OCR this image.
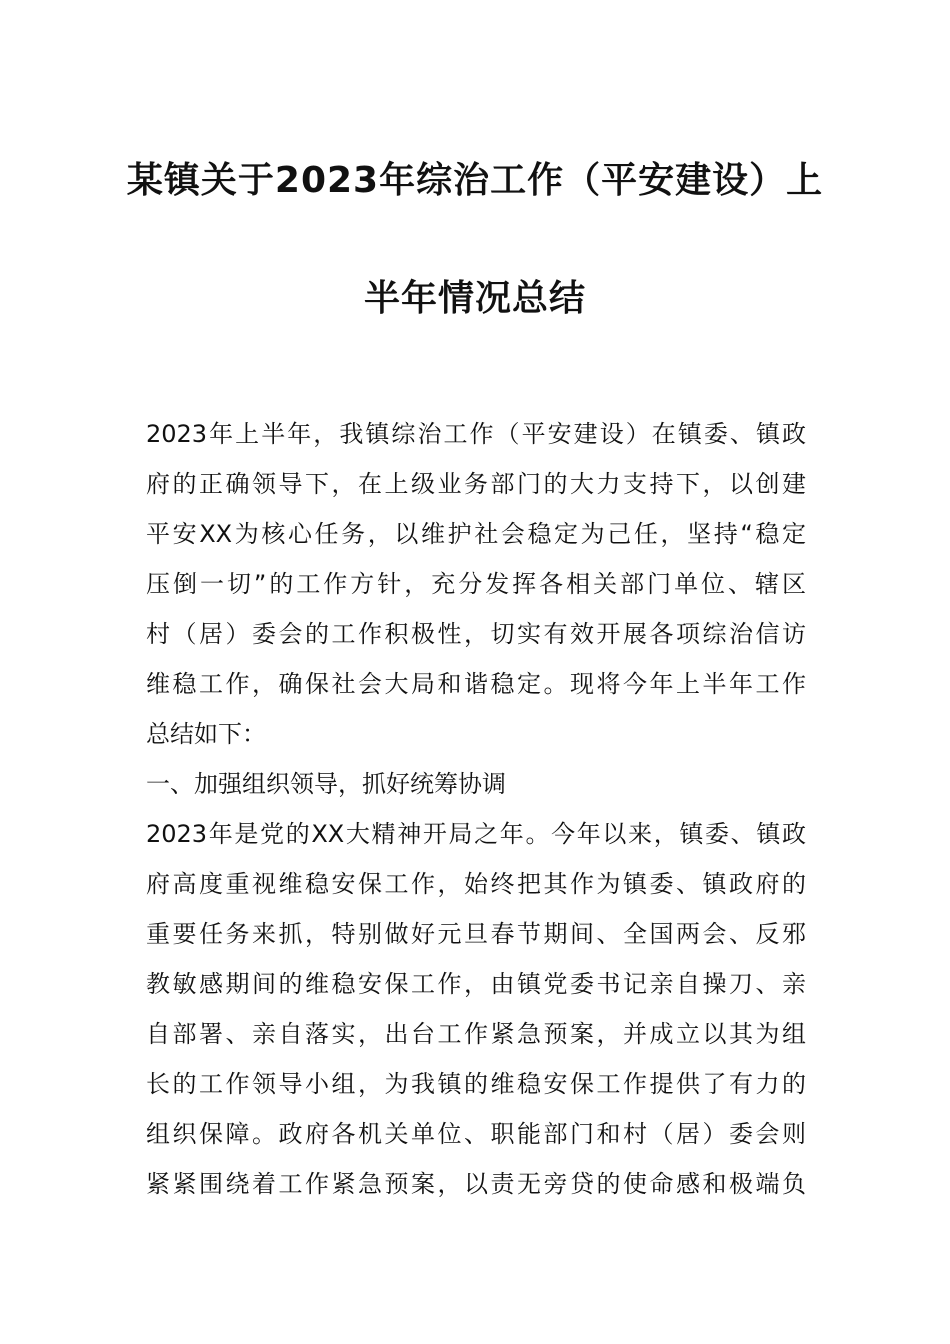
某镇关于2023年综治工作（平安建设）上
半年情况总结
2023年上半年，我镇综治工作（平安建设）在镇委、镇政
府的正确领导下，在上级业务部门的大力支持下，以创建
平安XX为核心任务，以维护社会稳定为己任，坚持“稳定
压倒一切”的工作方针，充分发挥各相关部门单位、辖区
村（居）委会的工作积极性，切实有效开展各项综治信访
维稳工作，确保社会大局和谐稳定。现将今年上半年工作
总结如下：
一、加强组织领导，抓好统筹协调
2023年是党的XX大精神开局之年。今年以来，镇委、镇政
府高度重视维稳安保工作，始终把其作为镇委、镇政府的
重要任务来抓，特别做好元旦春节期间、全国两会、反邪
教敏感期间的维稳安保工作，由镇党委书记亲自操刀、亲
自部署、亲自落实，出台工作紧急预案，并成立以其为组
长的工作领导小组，为我镇的维稳安保工作提供了有力的
组织保障。政府各机关单位、职能部门和村（居）委会则
紧紧围绕着工作紧急预案，以责无旁贷的使命感和极端负
